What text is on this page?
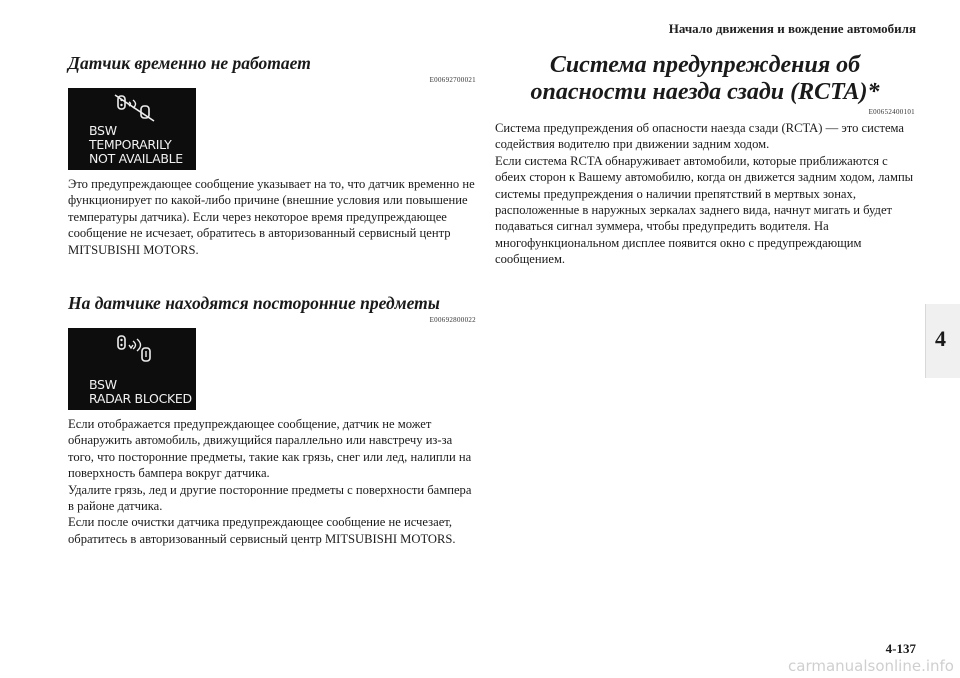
Начало движения и вождение автомобиля
Датчик временно не работает
E00692700021
BSW
TEMPORARILY
NOT AVAILABLE
Это предупреждающее сообщение указывает на то, что датчик временно не функционирует по какой-либо причине (внешние условия или повышение температуры датчика). Если через некоторое время предупреждающее сообщение не исчезает, обратитесь в авторизованный сервисный центр MITSUBISHI MOTORS.
На датчике находятся посторонние предметы
E00692800022
BSW
RADAR BLOCKED
Если отображается предупреждающее сообщение, датчик не может обнаружить автомобиль, движущийся параллельно или навстречу из-за того, что посторонние предметы, такие как грязь, снег или лед, налипли на поверхность бампера вокруг датчика.
Удалите грязь, лед и другие посторонние предметы с поверхности бампера в районе датчика.
Если после очистки датчика предупреждающее сообщение не исчезает, обратитесь в авторизованный сервисный центр MITSUBISHI MOTORS.
Система предупреждения об опасности наезда сзади (RCTA)*
E00652400101
Система предупреждения об опасности наезда сзади (RCTA) — это система содействия водителю при движении задним ходом.
Если система RCTA обнаруживает автомобили, которые приближаются с обеих сторон к Вашему автомобилю, когда он движется задним ходом, лампы системы предупреждения о наличии препятствий в мертвых зонах, расположенные в наружных зеркалах заднего вида, начнут мигать и будет подаваться сигнал зуммера, чтобы предупредить водителя. На многофункциональном дисплее появится окно с предупреждающим сообщением.
4
4-137
carmanualsonline.info
